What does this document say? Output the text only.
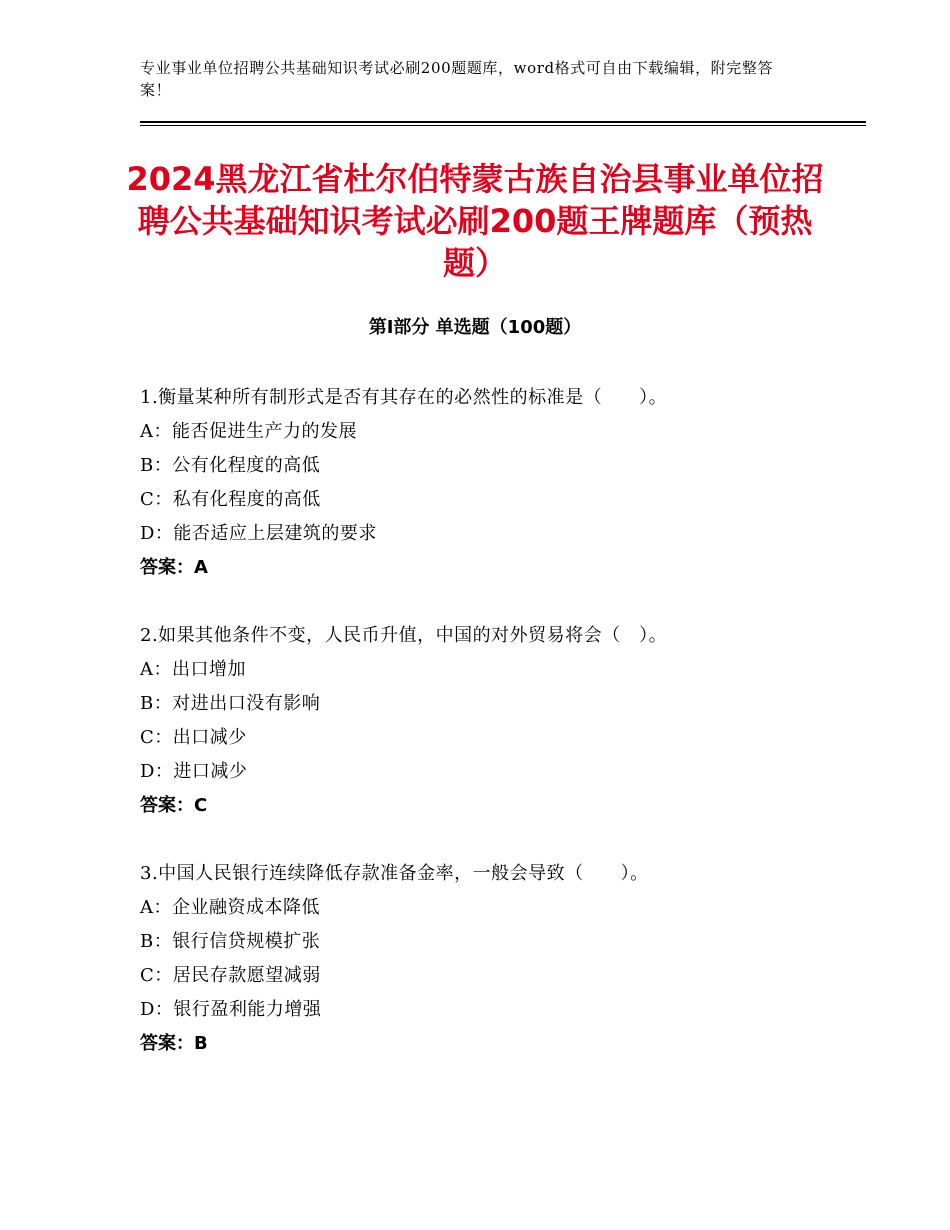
专业事业单位招聘公共基础知识考试必刷200题题库，word格式可自由下载编辑，附完整答案！
2024黑龙江省杜尔伯特蒙古族自治县事业单位招聘公共基础知识考试必刷200题王牌题库（预热题）
第I部分 单选题（100题）
1.衡量某种所有制形式是否有其存在的必然性的标准是（　　）。
A：能否促进生产力的发展
B：公有化程度的高低
C：私有化程度的高低
D：能否适应上层建筑的要求
答案：A
2.如果其他条件不变，人民币升值，中国的对外贸易将会（　）。
A：出口增加
B：对进出口没有影响
C：出口减少
D：进口减少
答案：C
3.中国人民银行连续降低存款准备金率，一般会导致（　　）。
A：企业融资成本降低
B：银行信贷规模扩张
C：居民存款愿望减弱
D：银行盈利能力增强
答案：B
